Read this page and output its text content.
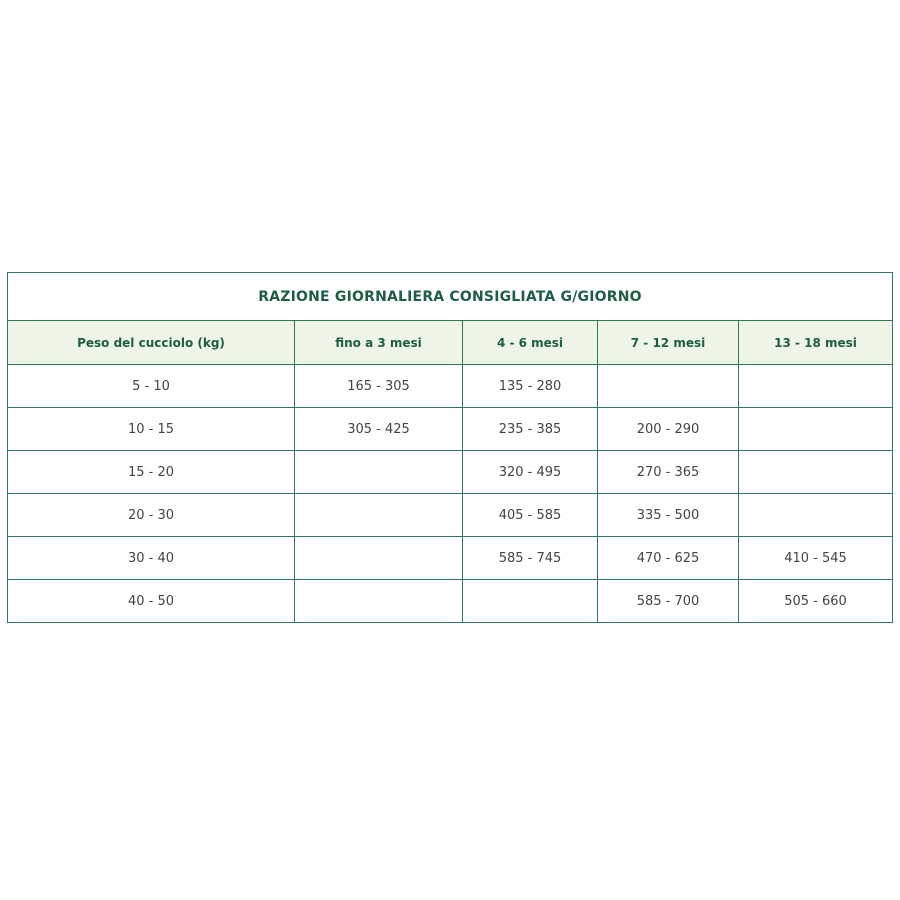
RAZIONE GIORNALIERA CONSIGLIATA G/GIORNO				
Peso del cucciolo (kg)	fino a 3 mesi	4 - 6 mesi	7 - 12 mesi	13 - 18 mesi
5 - 10	165 - 305	135 - 280		
10 - 15	305 - 425	235 - 385	200 - 290	
15 - 20		320 - 495	270 - 365	
20 - 30		405 - 585	335 - 500	
30 - 40		585 - 745	470 - 625	410 - 545
40 - 50			585 - 700	505 - 660
